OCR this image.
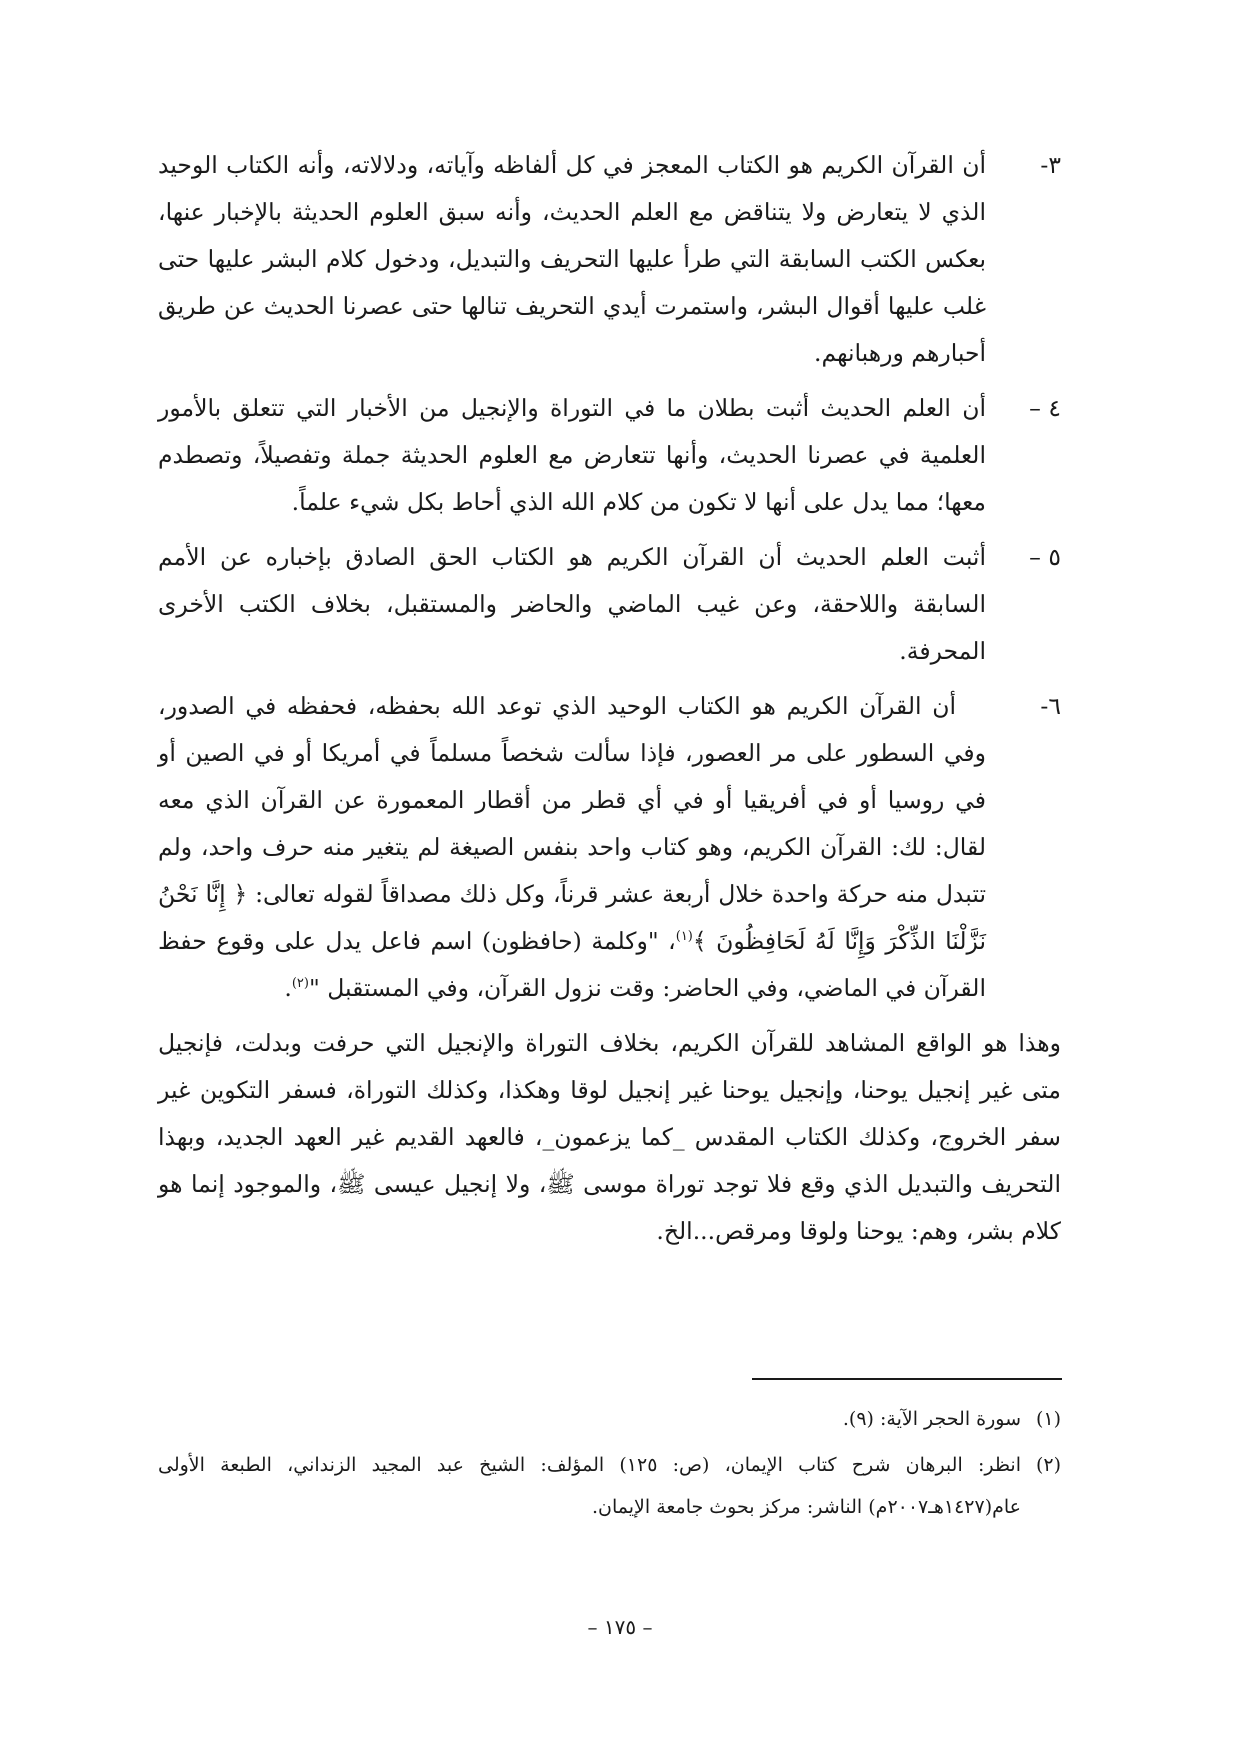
٣-
أن القرآن الكريم هو الكتاب المعجز في كل ألفاظه وآياته، ودلالاته، وأنه الكتاب الوحيد الذي لا يتعارض ولا يتناقض مع العلم الحديث، وأنه سبق العلوم الحديثة بالإخبار عنها، بعكس الكتب السابقة التي طرأ عليها التحريف والتبديل، ودخول كلام البشر عليها حتى غلب عليها أقوال البشر، واستمرت أيدي التحريف تنالها حتى عصرنا الحديث عن طريق أحبارهم ورهبانهم.
٤ –
أن العلم الحديث أثبت بطلان ما في التوراة والإنجيل من الأخبار التي تتعلق بالأمور العلمية في عصرنا الحديث، وأنها تتعارض مع العلوم الحديثة جملة وتفصيلاً، وتصطدم معها؛ مما يدل على أنها لا تكون من كلام الله الذي أحاط بكل شيء علماً.
٥ –
أثبت العلم الحديث أن القرآن الكريم هو الكتاب الحق الصادق بإخباره عن الأمم السابقة واللاحقة، وعن غيب الماضي والحاضر والمستقبل، بخلاف الكتب الأخرى المحرفة.
٦-
أن القرآن الكريم هو الكتاب الوحيد الذي توعد الله بحفظه، فحفظه في الصدور، وفي السطور على مر العصور، فإذا سألت شخصاً مسلماً في أمريكا أو في الصين أو في روسيا أو في أفريقيا أو في أي قطر من أقطار المعمورة عن القرآن الذي معه لقال: لك: القرآن الكريم، وهو كتاب واحد بنفس الصيغة لم يتغير منه حرف واحد، ولم تتبدل منه حركة واحدة خلال أربعة عشر قرناً، وكل ذلك مصداقاً لقوله تعالى: ﴿ إِنَّا نَحْنُ نَزَّلْنَا الذِّكْرَ وَإِنَّا لَهُ لَحَافِظُونَ ﴾$^{(١)}$، "وكلمة (حافظون) اسم فاعل يدل على وقوع حفظ القرآن في الماضي، وفي الحاضر: وقت نزول القرآن، وفي المستقبل "$^{(٢)}$.

وهذا هو الواقع المشاهد للقرآن الكريم، بخلاف التوراة والإنجيل التي حرفت وبدلت، فإنجيل متى غير إنجيل يوحنا، وإنجيل يوحنا غير إنجيل لوقا وهكذا، وكذلك التوراة، فسفر التكوين غير سفر الخروج، وكذلك الكتاب المقدس _كما يزعمون_، فالعهد القديم غير العهد الجديد، وبهذا التحريف والتبديل الذي وقع فلا توجد توراة موسى ﷺ، ولا إنجيل عيسى ﷺ، والموجود إنما هو كلام بشر، وهم: يوحنا ولوقا ومرقص...الخ.

(١)
سورة الحجر الآية: (٩).
(٢)
انظر: البرهان شرح كتاب الإيمان، (ص: ١٢٥) المؤلف: الشيخ عبد المجيد الزنداني، الطبعة الأولى عام(١٤٢٧هـ٢٠٠٧م) الناشر: مركز بحوث جامعة الإيمان.
– ١٧٥ –
